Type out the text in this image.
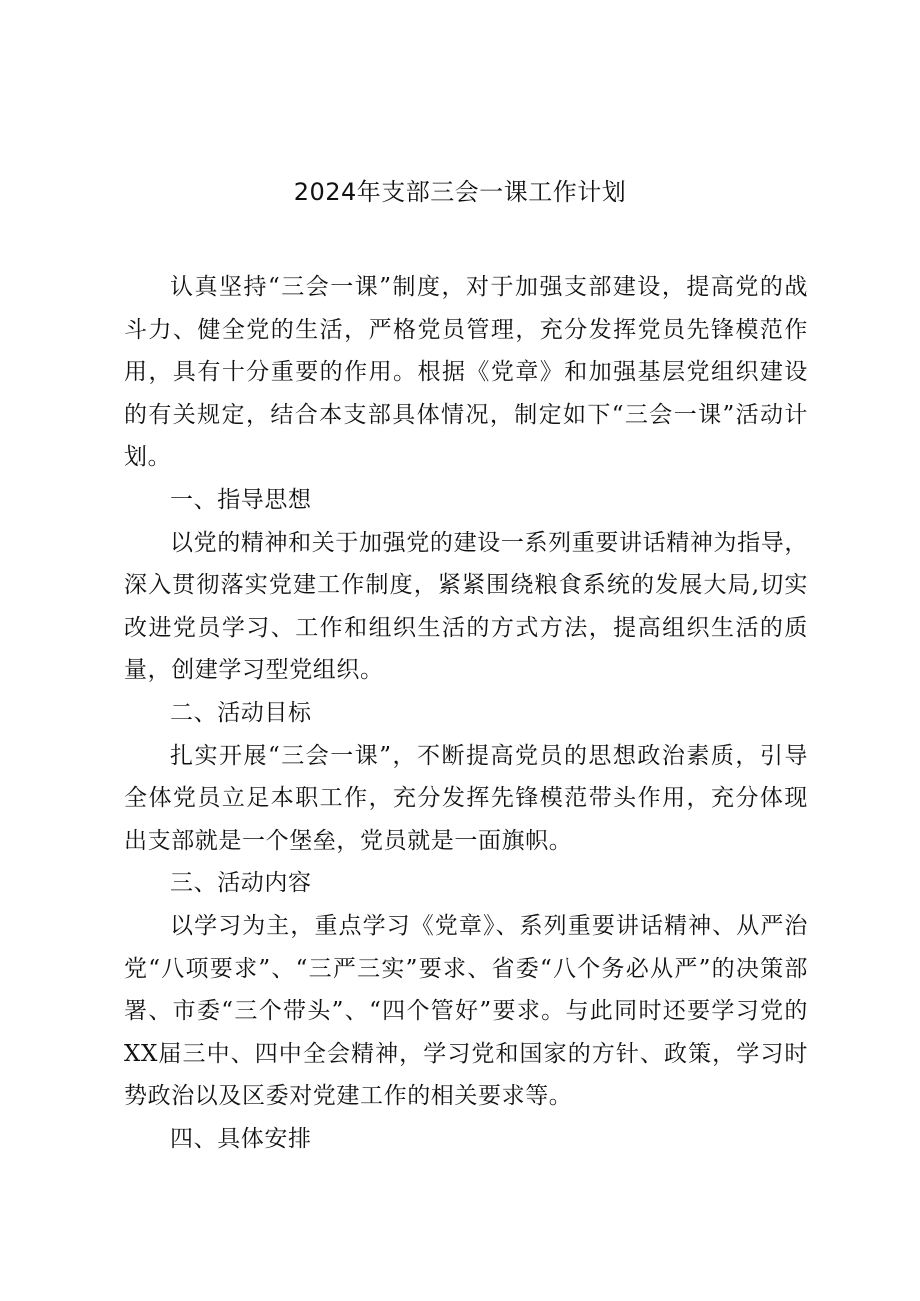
2024年支部三会一课工作计划

认真坚持“三会一课”制度，对于加强支部建设，提高党的战斗力、健全党的生活，严格党员管理，充分发挥党员先锋模范作用，具有十分重要的作用。根据《党章》和加强基层党组织建设的有关规定，结合本支部具体情况，制定如下“三会一课”活动计划。

一、指导思想

以党的精神和关于加强党的建设一系列重要讲话精神为指导，深入贯彻落实党建工作制度，紧紧围绕粮食系统的发展大局,切实改进党员学习、工作和组织生活的方式方法，提高组织生活的质量，创建学习型党组织。

二、活动目标

扎实开展“三会一课”，不断提高党员的思想政治素质，引导全体党员立足本职工作，充分发挥先锋模范带头作用，充分体现出支部就是一个堡垒，党员就是一面旗帜。

三、活动内容

以学习为主，重点学习《党章》、系列重要讲话精神、从严治党“八项要求”、“三严三实”要求、省委“八个务必从严”的决策部署、市委“三个带头”、“四个管好”要求。与此同时还要学习党的XX届三中、四中全会精神，学习党和国家的方针、政策，学习时势政治以及区委对党建工作的相关要求等。

四、具体安排
